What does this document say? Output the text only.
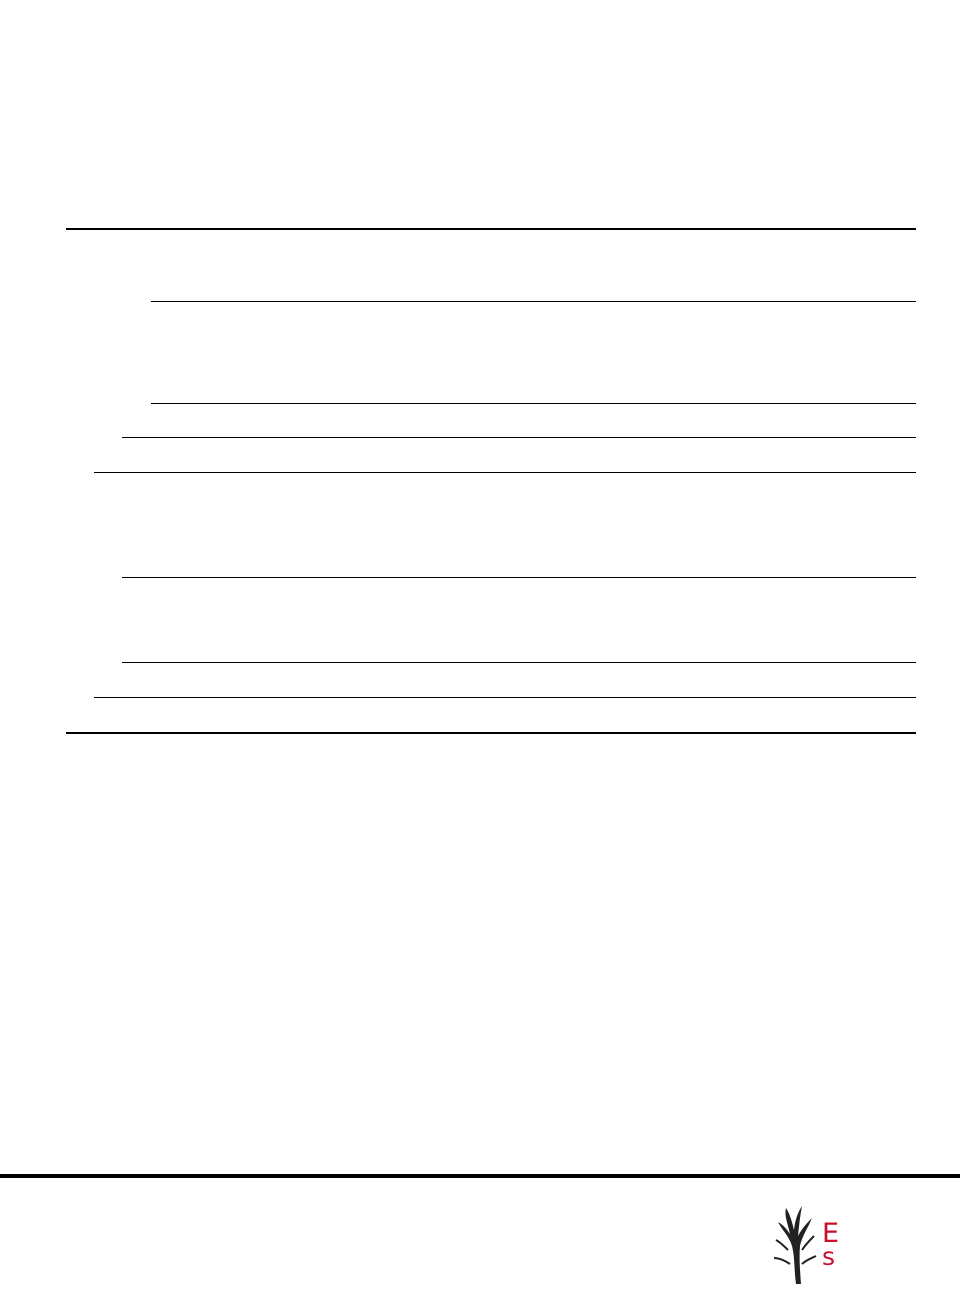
E
s
